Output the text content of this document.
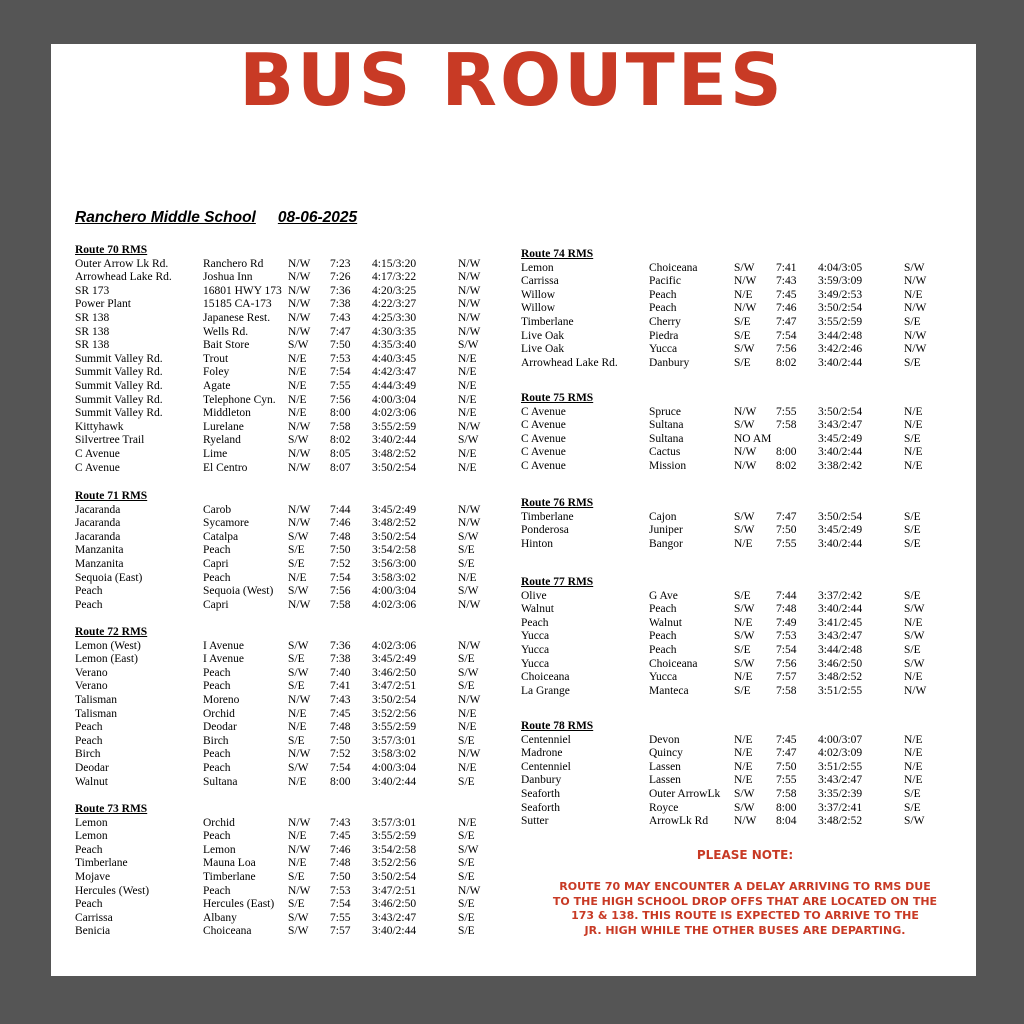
BUS ROUTES
Ranchero Middle School 08-06-2025
Route 70 RMS
Outer Arrow Lk Rd.	Ranchero Rd N/W 7:23 4:15/3:20	N/W
Arrowhead Lake Rd.	Joshua Inn	N/W 7:26 4:17/3:22	N/W
SR 173	16801 HWY 173 N/W 7:36 4:20/3:25	N/W
Power Plant	15185 CA-173 N/W 7:38 4:22/3:27	N/W
SR 138	Japanese Rest. N/W 7:43 4:25/3:30	N/W
SR 138	Wells Rd.	N/W 7:47 4:30/3:35	N/W
SR 138	Bait Store	S/W 7:50 4:35/3:40	S/W
Summit Valley Rd.	Trout	N/E 7:53 4:40/3:45	N/E
Summit Valley Rd.	Foley	N/E 7:54 4:42/3:47	N/E
Summit Valley Rd.	Agate	N/E 7:55 4:44/3:49	N/E
Summit Valley Rd.	Telephone Cyn. N/E 7:56 4:00/3:04	N/E
Summit Valley Rd.	Middleton	N/E 8:00 4:02/3:06	N/E
Kittyhawk	Lurelane	N/W 7:58 3:55/2:59	N/W
Silvertree Trail	Ryeland	S/W 8:02 3:40/2:44	S/W
C Avenue	Lime	N/W 8:05 3:48/2:52	N/E
C Avenue	El Centro	N/W 8:07 3:50/2:54	N/E
Route 71 RMS
Jacaranda	Carob	N/W 7:44 3:45/2:49	N/W
Jacaranda	Sycamore	N/W 7:46 3:48/2:52	N/W
Jacaranda	Catalpa	S/W 7:48 3:50/2:54	S/W
Manzanita	Peach	S/E 7:50 3:54/2:58	S/E
Manzanita	Capri	S/E 7:52 3:56/3:00	S/E
Sequoia (East)	Peach	N/E 7:54 3:58/3:02	N/E
Peach	Sequoia (West) S/W 7:56 4:00/3:04	S/W
Peach	Capri	N/W 7:58 4:02/3:06	N/W
Route 72 RMS
Lemon (West)	I Avenue	S/W 7:36 4:02/3:06	N/W
Lemon (East)	I Avenue	S/E 7:38 3:45/2:49	S/E
Verano	Peach	S/W 7:40 3:46/2:50	S/W
Verano	Peach	S/E 7:41 3:47/2:51	S/E
Talisman	Moreno	N/W 7:43 3:50/2:54	N/W
Talisman	Orchid	N/E 7:45 3:52/2:56	N/E
Peach	Deodar	N/E 7:48 3:55/2:59	N/E
Peach	Birch	S/E 7:50 3:57/3:01	S/E
Birch	Peach	N/W 7:52 3:58/3:02	N/W
Deodar	Peach	S/W 7:54 4:00/3:04	N/E
Walnut	Sultana	N/E 8:00 3:40/2:44	S/E
Route 73 RMS
Lemon	Orchid	N/W 7:43 3:57/3:01	N/E
Lemon	Peach	N/E 7:45 3:55/2:59	S/E
Peach	Lemon	N/W 7:46 3:54/2:58	S/W
Timberlane	Mauna Loa	N/E 7:48 3:52/2:56	S/E
Mojave	Timberlane	S/E 7:50 3:50/2:54	S/E
Hercules (West)	Peach	N/W 7:53 3:47/2:51	N/W
Peach	Hercules (East) S/E 7:54 3:46/2:50	S/E
Carrissa	Albany	S/W 7:55 3:43/2:47	S/E
Benicia	Choiceana	S/W 7:57 3:40/2:44	S/E
Route 74 RMS
Lemon	Choiceana	S/W 7:41 4:04/3:05	S/W
Carrissa	Pacific	N/W 7:43 3:59/3:09	N/W
Willow	Peach	N/E 7:45 3:49/2:53	N/E
Willow	Peach	N/W 7:46 3:50/2:54	N/W
Timberlane	Cherry	S/E 7:47 3:55/2:59	S/E
Live Oak	Piedra	S/E 7:54 3:44/2:48	N/W
Live Oak	Yucca	S/W 7:56 3:42/2:46	N/W
Arrowhead Lake Rd.	Danbury	S/E 8:02 3:40/2:44	S/E
Route 75 RMS
C Avenue	Spruce	N/W 7:55 3:50/2:54	N/E
C Avenue	Sultana	S/W 7:58 3:43/2:47	N/E
C Avenue	Sultana	NO AM	3:45/2:49	S/E
C Avenue	Cactus	N/W 8:00 3:40/2:44	N/E
C Avenue	Mission	N/W 8:02 3:38/2:42	N/E
Route 76 RMS
Timberlane	Cajon	S/W 7:47 3:50/2:54	S/E
Ponderosa	Juniper	S/W 7:50 3:45/2:49	S/E
Hinton	Bangor	N/E 7:55 3:40/2:44	S/E
Route 77 RMS
Olive	G Ave	S/E 7:44 3:37/2:42	S/E
Walnut	Peach	S/W 7:48 3:40/2:44	S/W
Peach	Walnut	N/E 7:49 3:41/2:45	N/E
Yucca	Peach	S/W 7:53 3:43/2:47	S/W
Yucca	Peach	S/E 7:54 3:44/2:48	S/E
Yucca	Choiceana	S/W 7:56 3:46/2:50	S/W
Choiceana	Yucca	N/E 7:57 3:48/2:52	N/E
La Grange	Manteca	S/E 7:58 3:51/2:55	N/W
Route 78 RMS
Centenniel	Devon	N/E 7:45 4:00/3:07	N/E
Madrone	Quincy	N/E 7:47 4:02/3:09	N/E
Centenniel	Lassen	N/E 7:50 3:51/2:55	N/E
Danbury	Lassen	N/E 7:55 3:43/2:47	N/E
Seaforth	Outer ArrowLk S/W 7:58 3:35/2:39	S/E
Seaforth	Royce	S/W 8:00 3:37/2:41	S/E
Sutter	ArrowLk Rd N/W 8:04 3:48/2:52	S/W
PLEASE NOTE:
ROUTE 70 MAY ENCOUNTER A DELAY ARRIVING TO RMS DUE
TO THE HIGH SCHOOL DROP OFFS THAT ARE LOCATED ON THE
173 & 138. THIS ROUTE IS EXPECTED TO ARRIVE TO THE
JR. HIGH WHILE THE OTHER BUSES ARE DEPARTING.
